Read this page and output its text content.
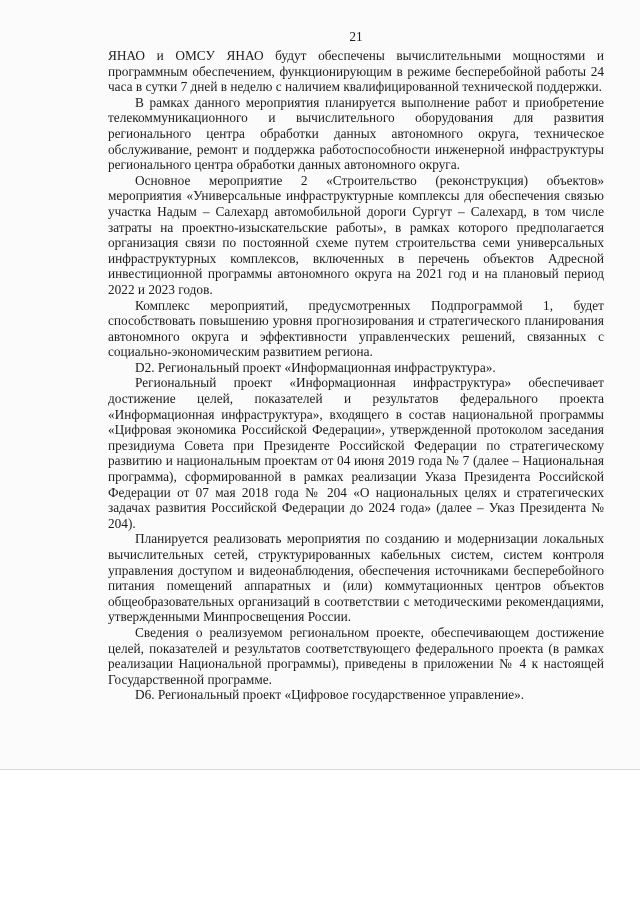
21

ЯНАО и ОМСУ ЯНАО будут обеспечены вычислительными мощностями и программным обеспечением, функционирующим в режиме бесперебойной работы 24 часа в сутки 7 дней в неделю с наличием квалифицированной технической поддержки.

В рамках данного мероприятия планируется выполнение работ и приобретение телекоммуникационного и вычислительного оборудования для развития регионального центра обработки данных автономного округа, техническое обслуживание, ремонт и поддержка работоспособности инженерной инфраструктуры регионального центра обработки данных автономного округа.

Основное мероприятие 2 «Строительство (реконструкция) объектов» мероприятия «Универсальные инфраструктурные комплексы для обеспечения связью участка Надым – Салехард автомобильной дороги Сургут – Салехард, в том числе затраты на проектно-изыскательские работы», в рамках которого предполагается организация связи по постоянной схеме путем строительства семи универсальных инфраструктурных комплексов, включенных в перечень объектов Адресной инвестиционной программы автономного округа на 2021 год и на плановый период 2022 и 2023 годов.

Комплекс мероприятий, предусмотренных Подпрограммой 1, будет способствовать повышению уровня прогнозирования и стратегического планирования автономного округа и эффективности управленческих решений, связанных с социально-экономическим развитием региона.

D2. Региональный проект «Информационная инфраструктура».

Региональный проект «Информационная инфраструктура» обеспечивает достижение целей, показателей и результатов федерального проекта «Информационная инфраструктура», входящего в состав национальной программы «Цифровая экономика Российской Федерации», утвержденной протоколом заседания президиума Совета при Президенте Российской Федерации по стратегическому развитию и национальным проектам от 04 июня 2019 года № 7 (далее – Национальная программа), сформированной в рамках реализации Указа Президента Российской Федерации от 07 мая 2018 года № 204 «О национальных целях и стратегических задачах развития Российской Федерации до 2024 года» (далее – Указ Президента № 204).

Планируется реализовать мероприятия по созданию и модернизации локальных вычислительных сетей, структурированных кабельных систем, систем контроля управления доступом и видеонаблюдения, обеспечения источниками бесперебойного питания помещений аппаратных и (или) коммутационных центров объектов общеобразовательных организаций в соответствии с методическими рекомендациями, утвержденными Минпросвещения России.

Сведения о реализуемом региональном проекте, обеспечивающем достижение целей, показателей и результатов соответствующего федерального проекта (в рамках реализации Национальной программы), приведены в приложении № 4 к настоящей Государственной программе.

D6. Региональный проект «Цифровое государственное управление».
